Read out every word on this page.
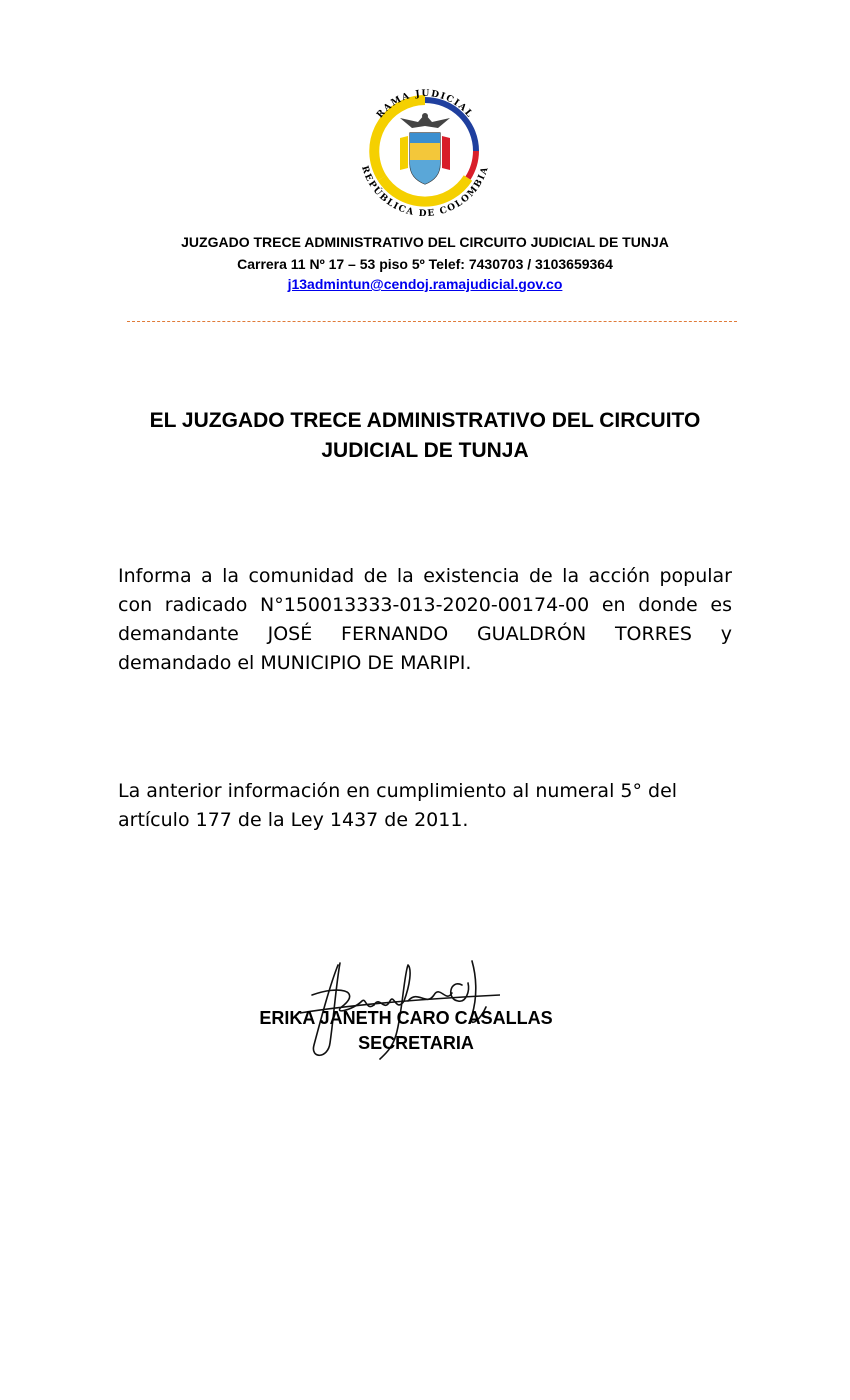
RAMA JUDICIAL
REPÚBLICA DE COLOMBIA
JUZGADO TRECE ADMINISTRATIVO DEL CIRCUITO JUDICIAL DE TUNJA
Carrera 11 Nº 17 – 53 piso 5º Telef: 7430703 / 3103659364
j13admintun@cendoj.ramajudicial.gov.co
EL JUZGADO TRECE ADMINISTRATIVO DEL CIRCUITO JUDICIAL DE TUNJA
Informa a la comunidad de la existencia de la acción popular con radicado N°150013333-013-2020-00174-00 en donde es demandante JOSÉ FERNANDO GUALDRÓN TORRES y demandado el MUNICIPIO DE MARIPI.
La anterior información en cumplimiento al numeral 5° del artículo 177 de la Ley 1437 de 2011.
ERIKA JANETH CARO CASALLAS
SECRETARIA
